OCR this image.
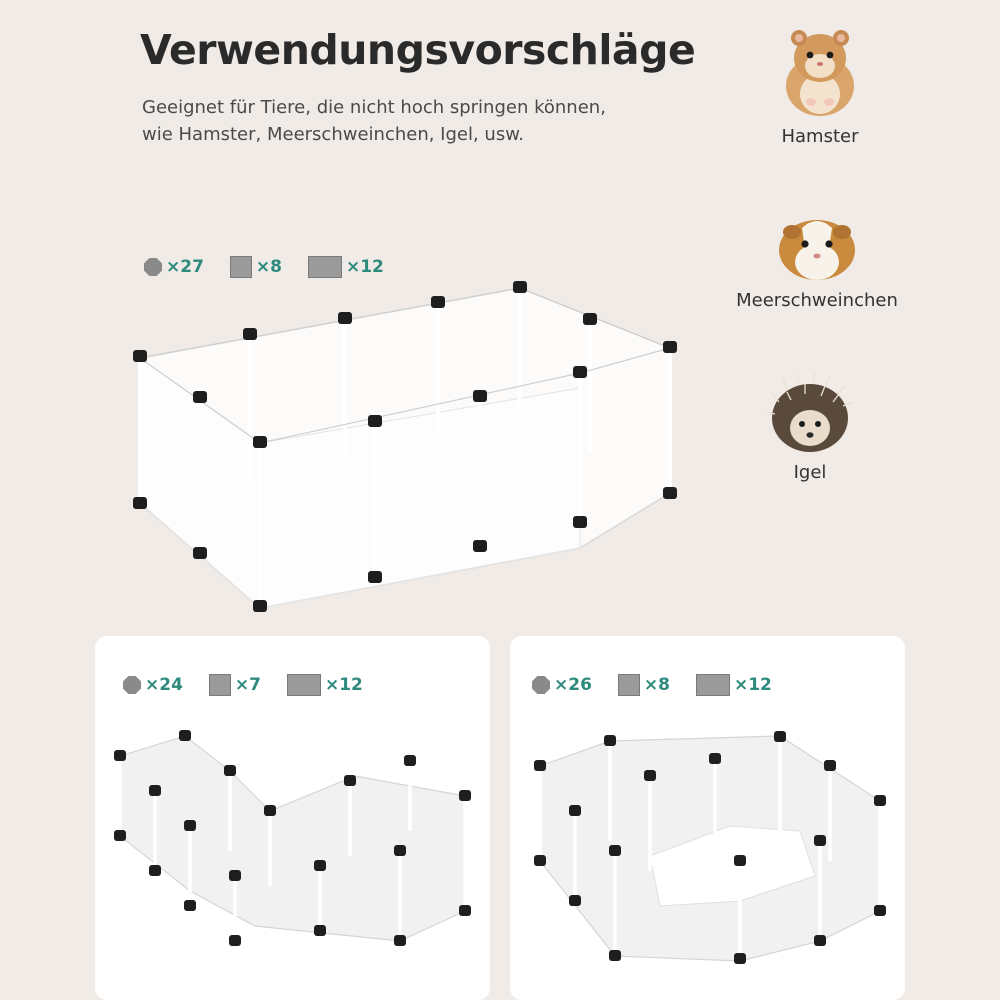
Verwendungsvorschläge
Geeignet für Tiere, die nicht hoch springen können,
wie Hamster, Meerschweinchen, Igel, usw.	Hamster
Meerschweinchen
Igel
×27	×8	×12
×24	×7	×12	×26	×8	×12
